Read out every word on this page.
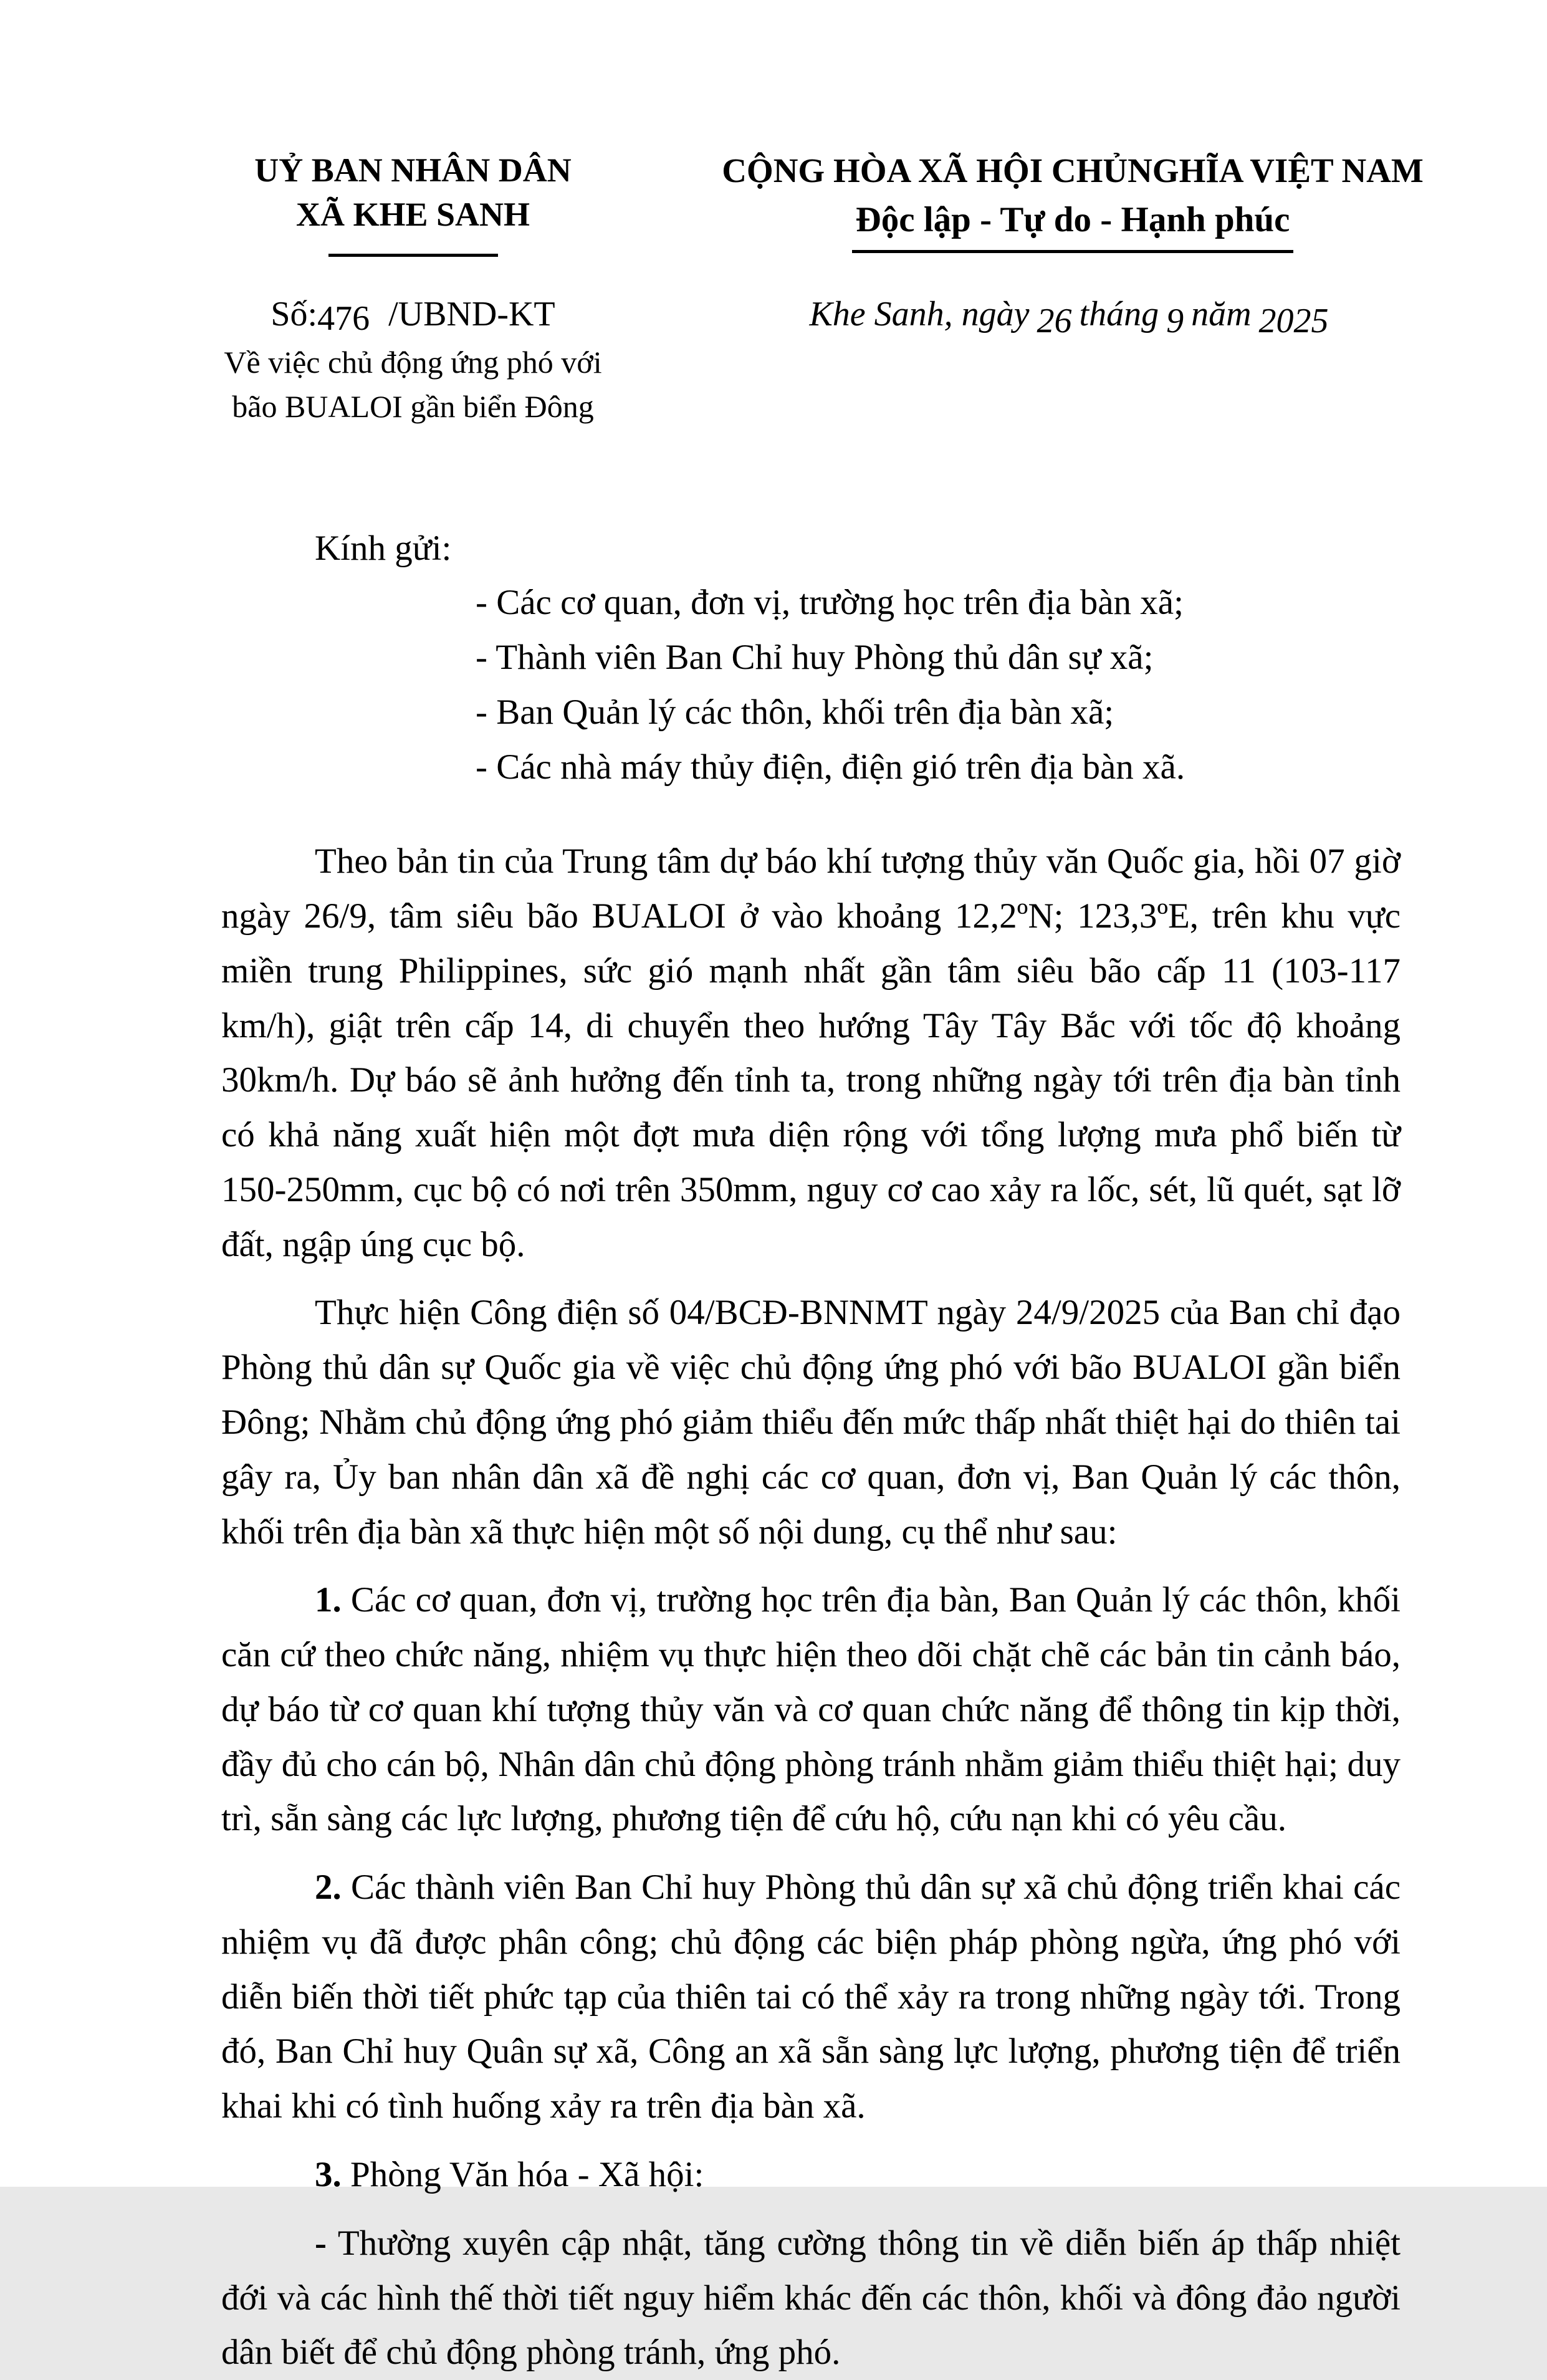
UỶ BAN NHÂN DÂN
XÃ KHE SANH
Số:476 /UBND-KT
Về việc chủ động ứng phó với
bão BUALOI gần biển Đông
CỘNG HÒA XÃ HỘI CHỦNGHĨA VIỆT NAM
Độc lập - Tự do - Hạnh phúc
Khe Sanh, ngày 26 tháng 9 năm 2025
Kính gửi:
- Các cơ quan, đơn vị, trường học trên địa bàn xã;
- Thành viên Ban Chỉ huy Phòng thủ dân sự xã;
- Ban Quản lý các thôn, khối trên địa bàn xã;
- Các nhà máy thủy điện, điện gió trên địa bàn xã.

Theo bản tin của Trung tâm dự báo khí tượng thủy văn Quốc gia, hồi 07 giờ ngày 26/9, tâm siêu bão BUALOI ở vào khoảng 12,2ºN; 123,3ºE, trên khu vực miền trung Philippines, sức gió mạnh nhất gần tâm siêu bão cấp 11 (103-117 km/h), giật trên cấp 14, di chuyển theo hướng Tây Tây Bắc với tốc độ khoảng 30km/h. Dự báo sẽ ảnh hưởng đến tỉnh ta, trong những ngày tới trên địa bàn tỉnh có khả năng xuất hiện một đợt mưa diện rộng với tổng lượng mưa phổ biến từ 150-250mm, cục bộ có nơi trên 350mm, nguy cơ cao xảy ra lốc, sét, lũ quét, sạt lỡ đất, ngập úng cục bộ.

Thực hiện Công điện số 04/BCĐ-BNNMT ngày 24/9/2025 của Ban chỉ đạo Phòng thủ dân sự Quốc gia về việc chủ động ứng phó với bão BUALOI gần biển Đông; Nhằm chủ động ứng phó giảm thiểu đến mức thấp nhất thiệt hại do thiên tai gây ra, Ủy ban nhân dân xã đề nghị các cơ quan, đơn vị, Ban Quản lý các thôn, khối trên địa bàn xã thực hiện một số nội dung, cụ thể như sau:

1. Các cơ quan, đơn vị, trường học trên địa bàn, Ban Quản lý các thôn, khối căn cứ theo chức năng, nhiệm vụ thực hiện theo dõi chặt chẽ các bản tin cảnh báo, dự báo từ cơ quan khí tượng thủy văn và cơ quan chức năng để thông tin kịp thời, đầy đủ cho cán bộ, Nhân dân chủ động phòng tránh nhằm giảm thiểu thiệt hại; duy trì, sẵn sàng các lực lượng, phương tiện để cứu hộ, cứu nạn khi có yêu cầu.

2. Các thành viên Ban Chỉ huy Phòng thủ dân sự xã chủ động triển khai các nhiệm vụ đã được phân công; chủ động các biện pháp phòng ngừa, ứng phó với diễn biến thời tiết phức tạp của thiên tai có thể xảy ra trong những ngày tới. Trong đó, Ban Chỉ huy Quân sự xã, Công an xã sẵn sàng lực lượng, phương tiện để triển khai khi có tình huống xảy ra trên địa bàn xã.

3. Phòng Văn hóa - Xã hội:

- Thường xuyên cập nhật, tăng cường thông tin về diễn biến áp thấp nhiệt đới và các hình thế thời tiết nguy hiểm khác đến các thôn, khối và đông đảo người dân biết để chủ động phòng tránh, ứng phó.
